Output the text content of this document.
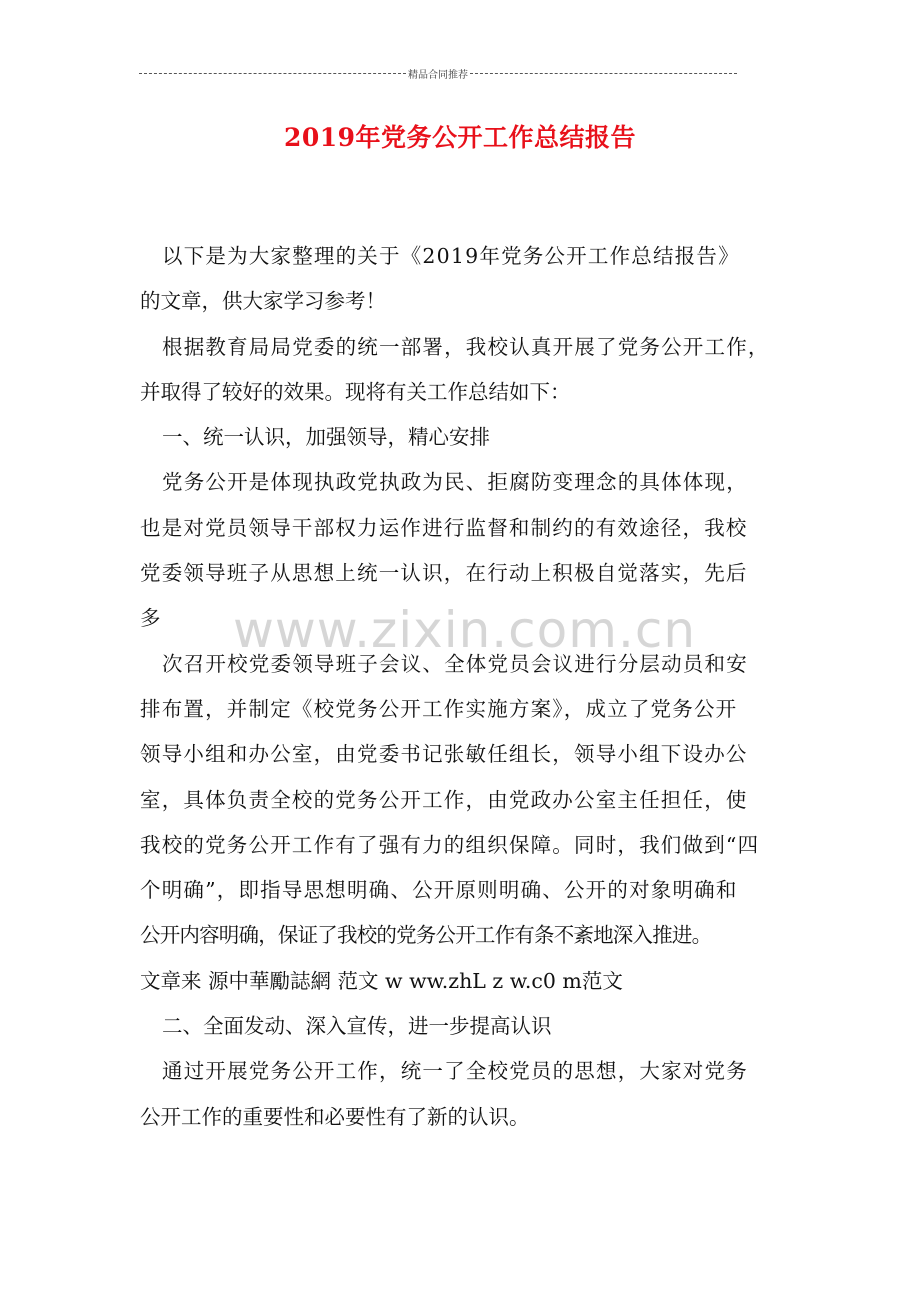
精品合同推荐
2019年党务公开工作总结报告
以下是为大家整理的关于《2019年党务公开工作总结报告》
的文章，供大家学习参考！
根据教育局局党委的统一部署，我校认真开展了党务公开工作，
并取得了较好的效果。现将有关工作总结如下：
一、统一认识，加强领导，精心安排
党务公开是体现执政党执政为民、拒腐防变理念的具体体现，
也是对党员领导干部权力运作进行监督和制约的有效途径，我校
党委领导班子从思想上统一认识，在行动上积极自觉落实，先后
多
次召开校党委领导班子会议、全体党员会议进行分层动员和安
排布置，并制定《校党务公开工作实施方案》，成立了党务公开
领导小组和办公室，由党委书记张敏任组长，领导小组下设办公
室，具体负责全校的党务公开工作，由党政办公室主任担任，使
我校的党务公开工作有了强有力的组织保障。同时，我们做到“四
个明确”，即指导思想明确、公开原则明确、公开的对象明确和
公开内容明确，保证了我校的党务公开工作有条不紊地深入推进。
文章来 源中華勵誌網 范文 w ww.zhL z w.c0 m范文
二、全面发动、深入宣传，进一步提高认识
通过开展党务公开工作，统一了全校党员的思想，大家对党务
公开工作的重要性和必要性有了新的认识。
www.zixin.com.cn
